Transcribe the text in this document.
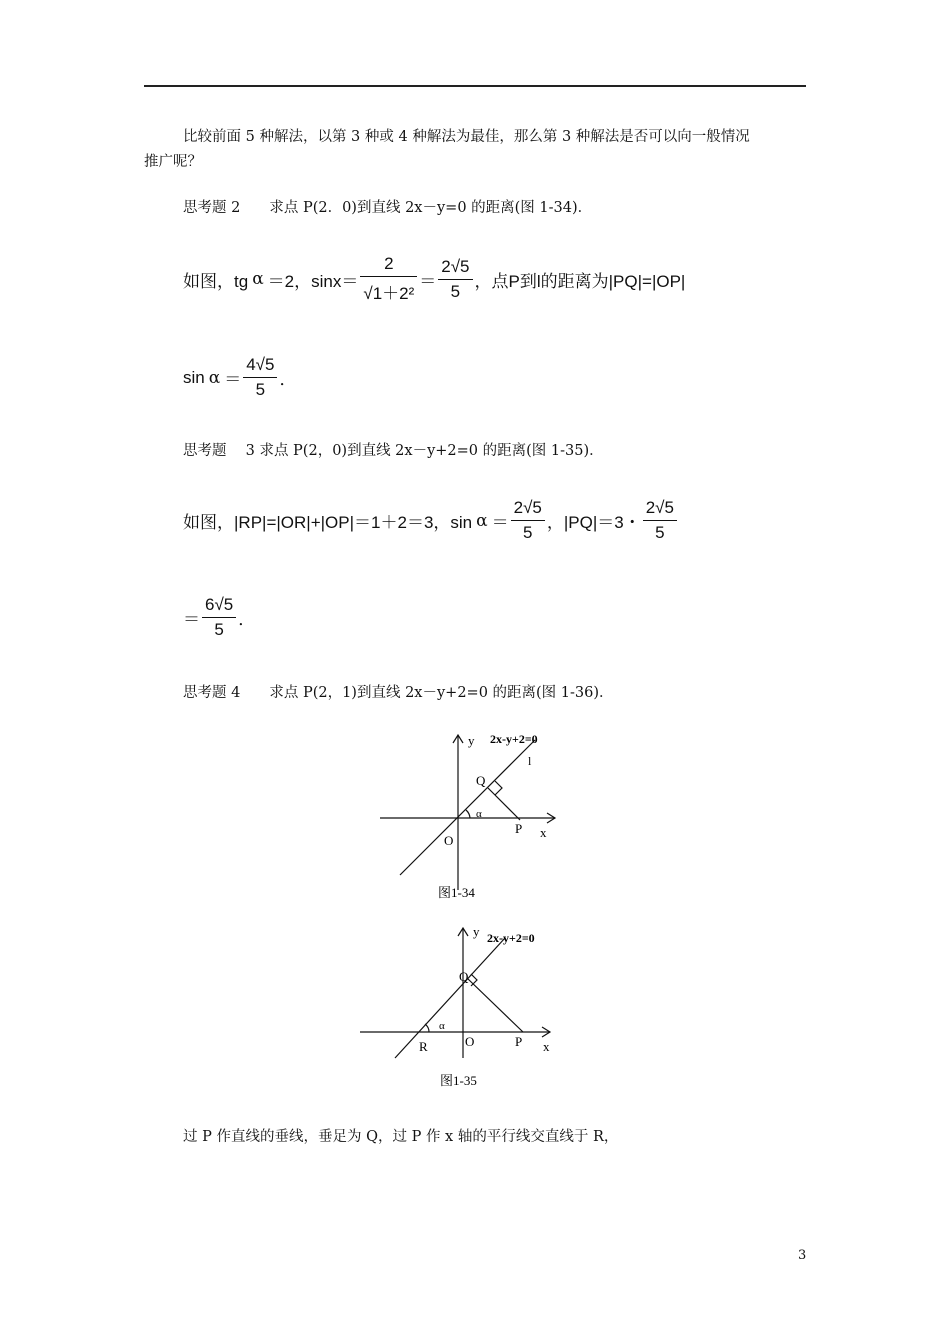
比较前面 5 种解法，以第 3 种或 4 种解法为最佳，那么第 3 种解法是否可以向一般情况
推广呢？
思考题 2　　求点 P(2．0)到直线 2x－y=0 的距离(图 1-34)．
如图，tg α ＝2，$\sin x= \frac{2}{\text{√1＋2²}} = \frac{2√5}{5}$ ，点P到l的距离为|PQ|=|OP|
$\sin \alpha = \frac{4√5}{5}$ ．
思考题　 3 求点 P(2，0)到直线 2x－y+2=0 的距离(图 1-35)．
如图，|RP|=|OR|+|OP|＝1＋2＝3，$\sin \alpha = \frac{2√5}{5}$ ，|PQ|＝3・ $\frac{2√5}{5}$
＝ $\frac{6√5}{5}$ ．
思考题 4　　求点 P(2，1)到直线 2x－y+2=0 的距离(图 1-36)．
y 2x-y+2=0
l
Q
α
P x
O
图1-34
y 2x-y+2=0
Q
α
R	O	P x
图1-35
过 P 作直线的垂线，垂足为 Q，过 P 作 x 轴的平行线交直线于 R，
3
